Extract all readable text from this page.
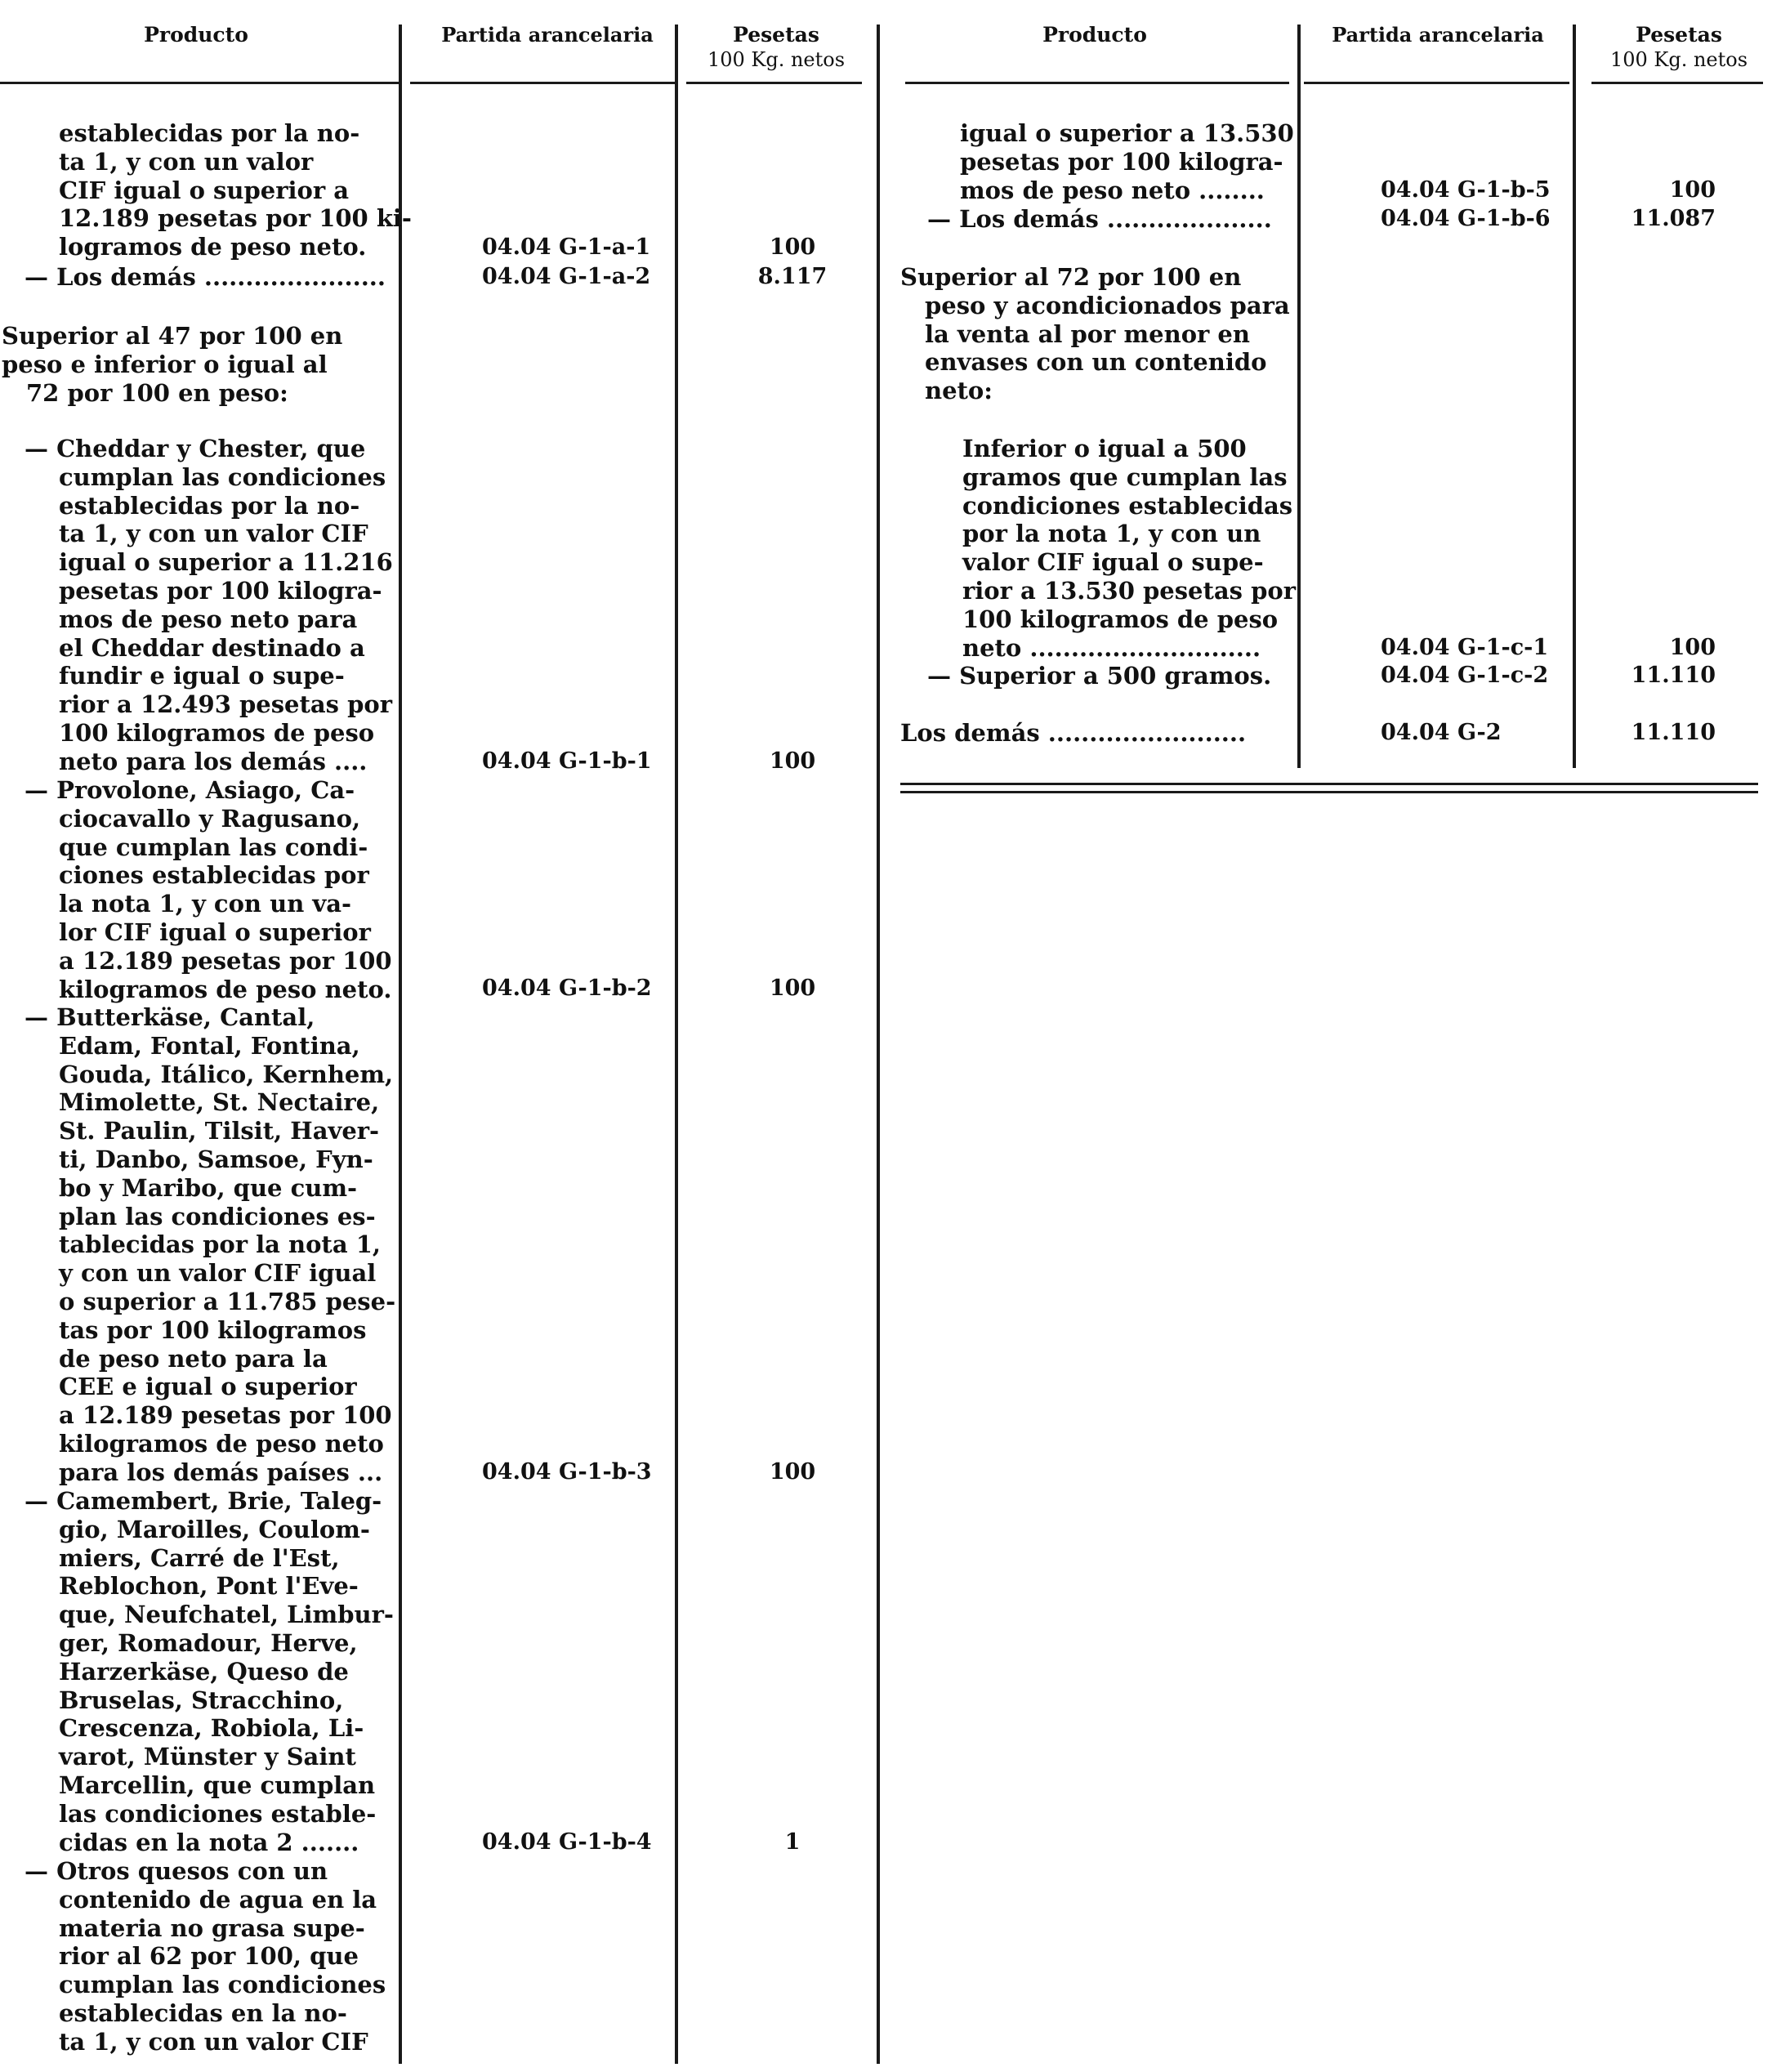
Producto	Partida arancelaria	Pesetas
100 Kg. netos
Producto	Partida arancelaria	Pesetas
100 Kg. netos
establecidas por la no-
ta 1, y con un valor
CIF igual o superior a
12.189 pesetas por 100 ki-
logramos de peso neto.	04.04 G-1-a-1	100
— Los demás ......................	04.04 G-1-a-2	8.117
Superior al 47 por 100 en
peso e inferior o igual al
72 por 100 en peso:
— Cheddar y Chester, que
cumplan las condiciones
establecidas por la no-
ta 1, y con un valor CIF
igual o superior a 11.216
pesetas por 100 kilogra-
mos de peso neto para
el Cheddar destinado a
fundir e igual o supe-
rior a 12.493 pesetas por
100 kilogramos de peso
neto para los demás ....	04.04 G-1-b-1	100
— Provolone, Asiago, Ca-
ciocavallo y Ragusano,
que cumplan las condi-
ciones establecidas por
la nota 1, y con un va-
lor CIF igual o superior
a 12.189 pesetas por 100
kilogramos de peso neto.	04.04 G-1-b-2	100
— Butterkäse, Cantal,
Edam, Fontal, Fontina,
Gouda, Itálico, Kernhem,
Mimolette, St. Nectaire,
St. Paulin, Tilsit, Haver-
ti, Danbo, Samsoe, Fyn-
bo y Maribo, que cum-
plan las condiciones es-
tablecidas por la nota 1,
y con un valor CIF igual
o superior a 11.785 pese-
tas por 100 kilogramos
de peso neto para la
CEE e igual o superior
a 12.189 pesetas por 100
kilogramos de peso neto
para los demás países ...	04.04 G-1-b-3	100
— Camembert, Brie, Taleg-
gio, Maroilles, Coulom-
miers, Carré de l'Est,
Reblochon, Pont l'Eve-
que, Neufchatel, Limbur-
ger, Romadour, Herve,
Harzerkäse, Queso de
Bruselas, Stracchino,
Crescenza, Robiola, Li-
varot, Münster y Saint
Marcellin, que cumplan
las condiciones estable-
cidas en la nota 2 .......	04.04 G-1-b-4	1
— Otros quesos con un
contenido de agua en la
materia no grasa supe-
rior al 62 por 100, que
cumplan las condiciones
establecidas en la no-
ta 1, y con un valor CIF
igual o superior a 13.530
pesetas por 100 kilogra-
mos de peso neto ........	04.04 G-1-b-5	100
— Los demás ....................	04.04 G-1-b-6	11.087
Superior al 72 por 100 en
peso y acondicionados para
la venta al por menor en
envases con un contenido
neto:
Inferior o igual a 500
gramos que cumplan las
condiciones establecidas
por la nota 1, y con un
valor CIF igual o supe-
rior a 13.530 pesetas por
100 kilogramos de peso
neto ............................	04.04 G-1-c-1	100
— Superior a 500 gramos.	04.04 G-1-c-2	11.110
Los demás ........................	04.04 G-2	11.110
